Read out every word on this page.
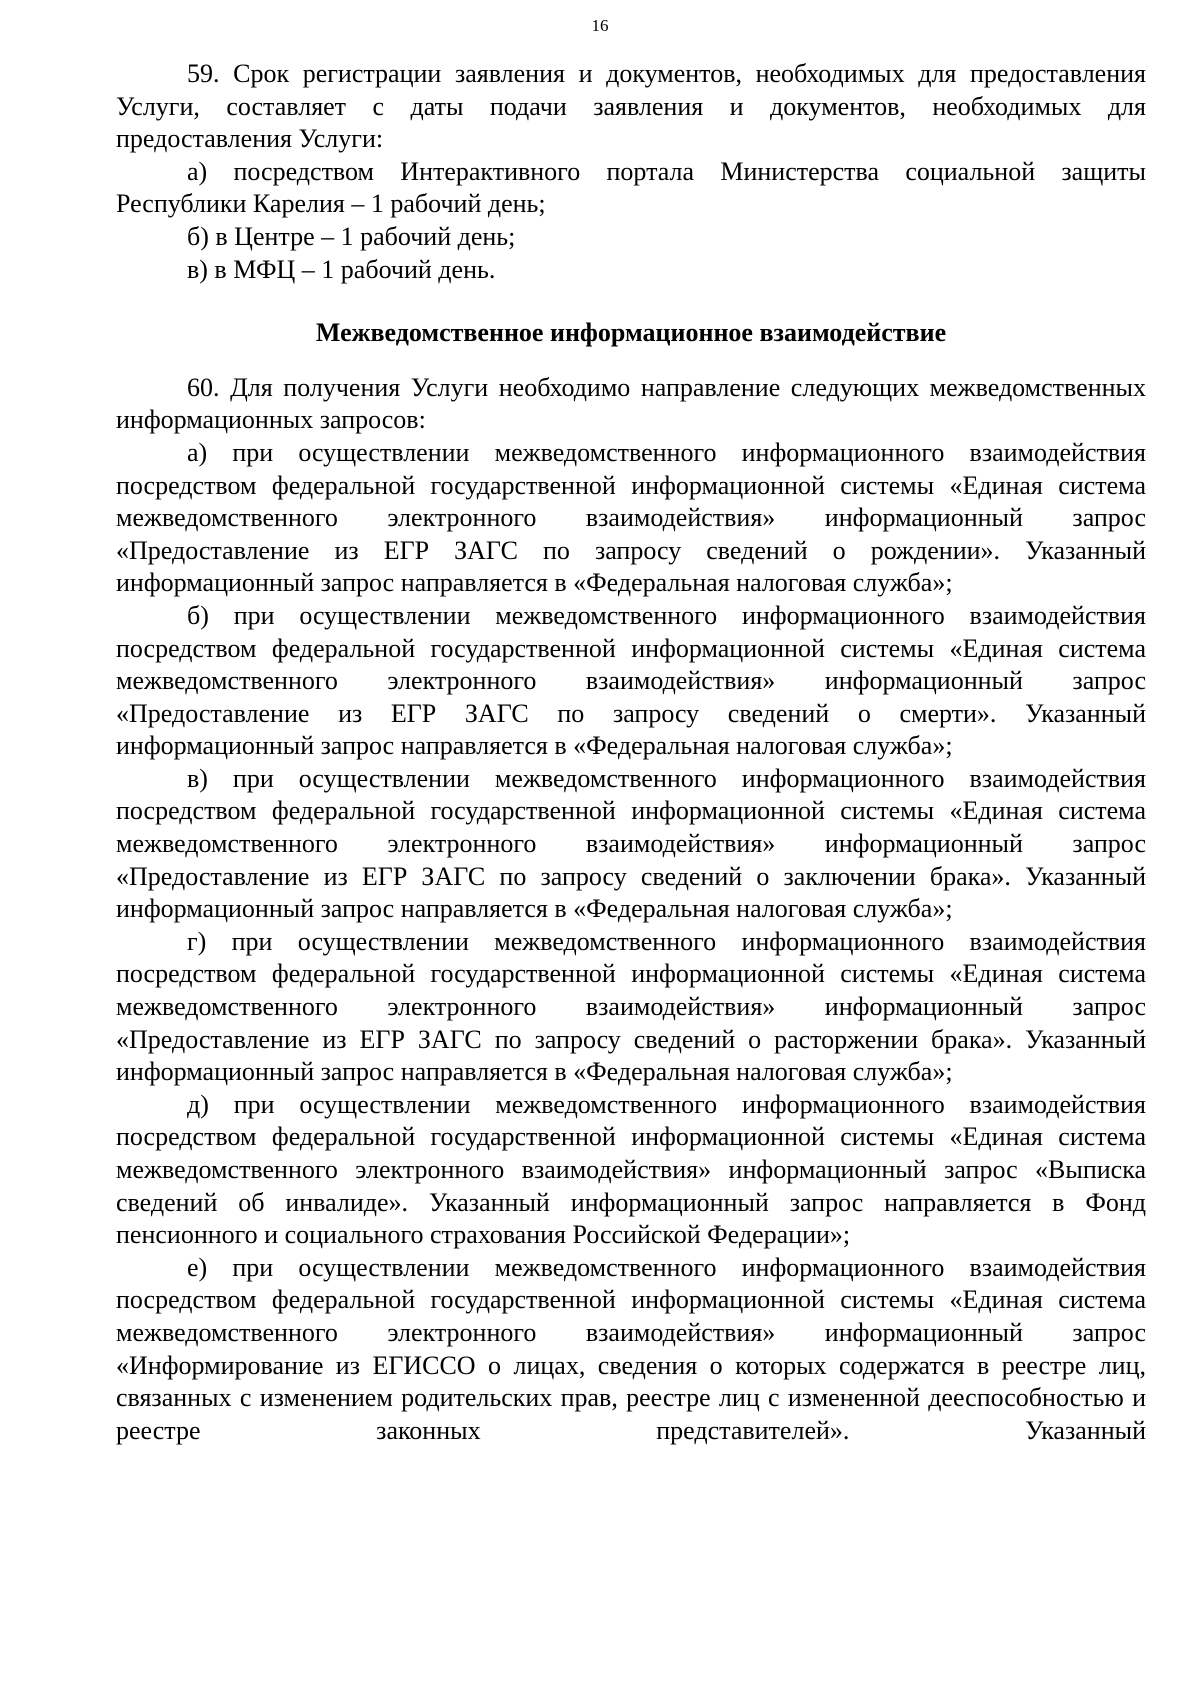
16

59. Срок регистрации заявления и документов, необходимых для предоставления Услуги, составляет с даты подачи заявления и документов, необходимых для предоставления Услуги:

а) посредством Интерактивного портала Министерства социальной защиты Республики Карелия – 1 рабочий день;

б) в Центре – 1 рабочий день;

в) в МФЦ – 1 рабочий день.

Межведомственное информационное взаимодействие

60. Для получения Услуги необходимо направление следующих межведомственных информационных запросов:

а) при осуществлении межведомственного информационного взаимодействия посредством федеральной государственной информационной системы «Единая система межведомственного электронного взаимодействия» информационный запрос «Предоставление из ЕГР ЗАГС по запросу сведений о рождении». Указанный информационный запрос направляется в «Федеральная налоговая служба»;

б) при осуществлении межведомственного информационного взаимодействия посредством федеральной государственной информационной системы «Единая система межведомственного электронного взаимодействия» информационный запрос «Предоставление из ЕГР ЗАГС по запросу сведений о смерти». Указанный информационный запрос направляется в «Федеральная налоговая служба»;

в) при осуществлении межведомственного информационного взаимодействия посредством федеральной государственной информационной системы «Единая система межведомственного электронного взаимодействия» информационный запрос «Предоставление из ЕГР ЗАГС по запросу сведений о заключении брака». Указанный информационный запрос направляется в «Федеральная налоговая служба»;

г) при осуществлении межведомственного информационного взаимодействия посредством федеральной государственной информационной системы «Единая система межведомственного электронного взаимодействия» информационный запрос «Предоставление из ЕГР ЗАГС по запросу сведений о расторжении брака». Указанный информационный запрос направляется в «Федеральная налоговая служба»;

д) при осуществлении межведомственного информационного взаимодействия посредством федеральной государственной информационной системы «Единая система межведомственного электронного взаимодействия» информационный запрос «Выписка сведений об инвалиде». Указанный информационный запрос направляется в Фонд пенсионного и социального страхования Российской Федерации»;

е) при осуществлении межведомственного информационного взаимодействия посредством федеральной государственной информационной системы «Единая система межведомственного электронного взаимодействия» информационный запрос «Информирование из ЕГИССО о лицах, сведения о которых содержатся в реестре лиц, связанных с изменением родительских прав, реестре лиц с измененной дееспособностью и реестре законных представителей». Указанный
